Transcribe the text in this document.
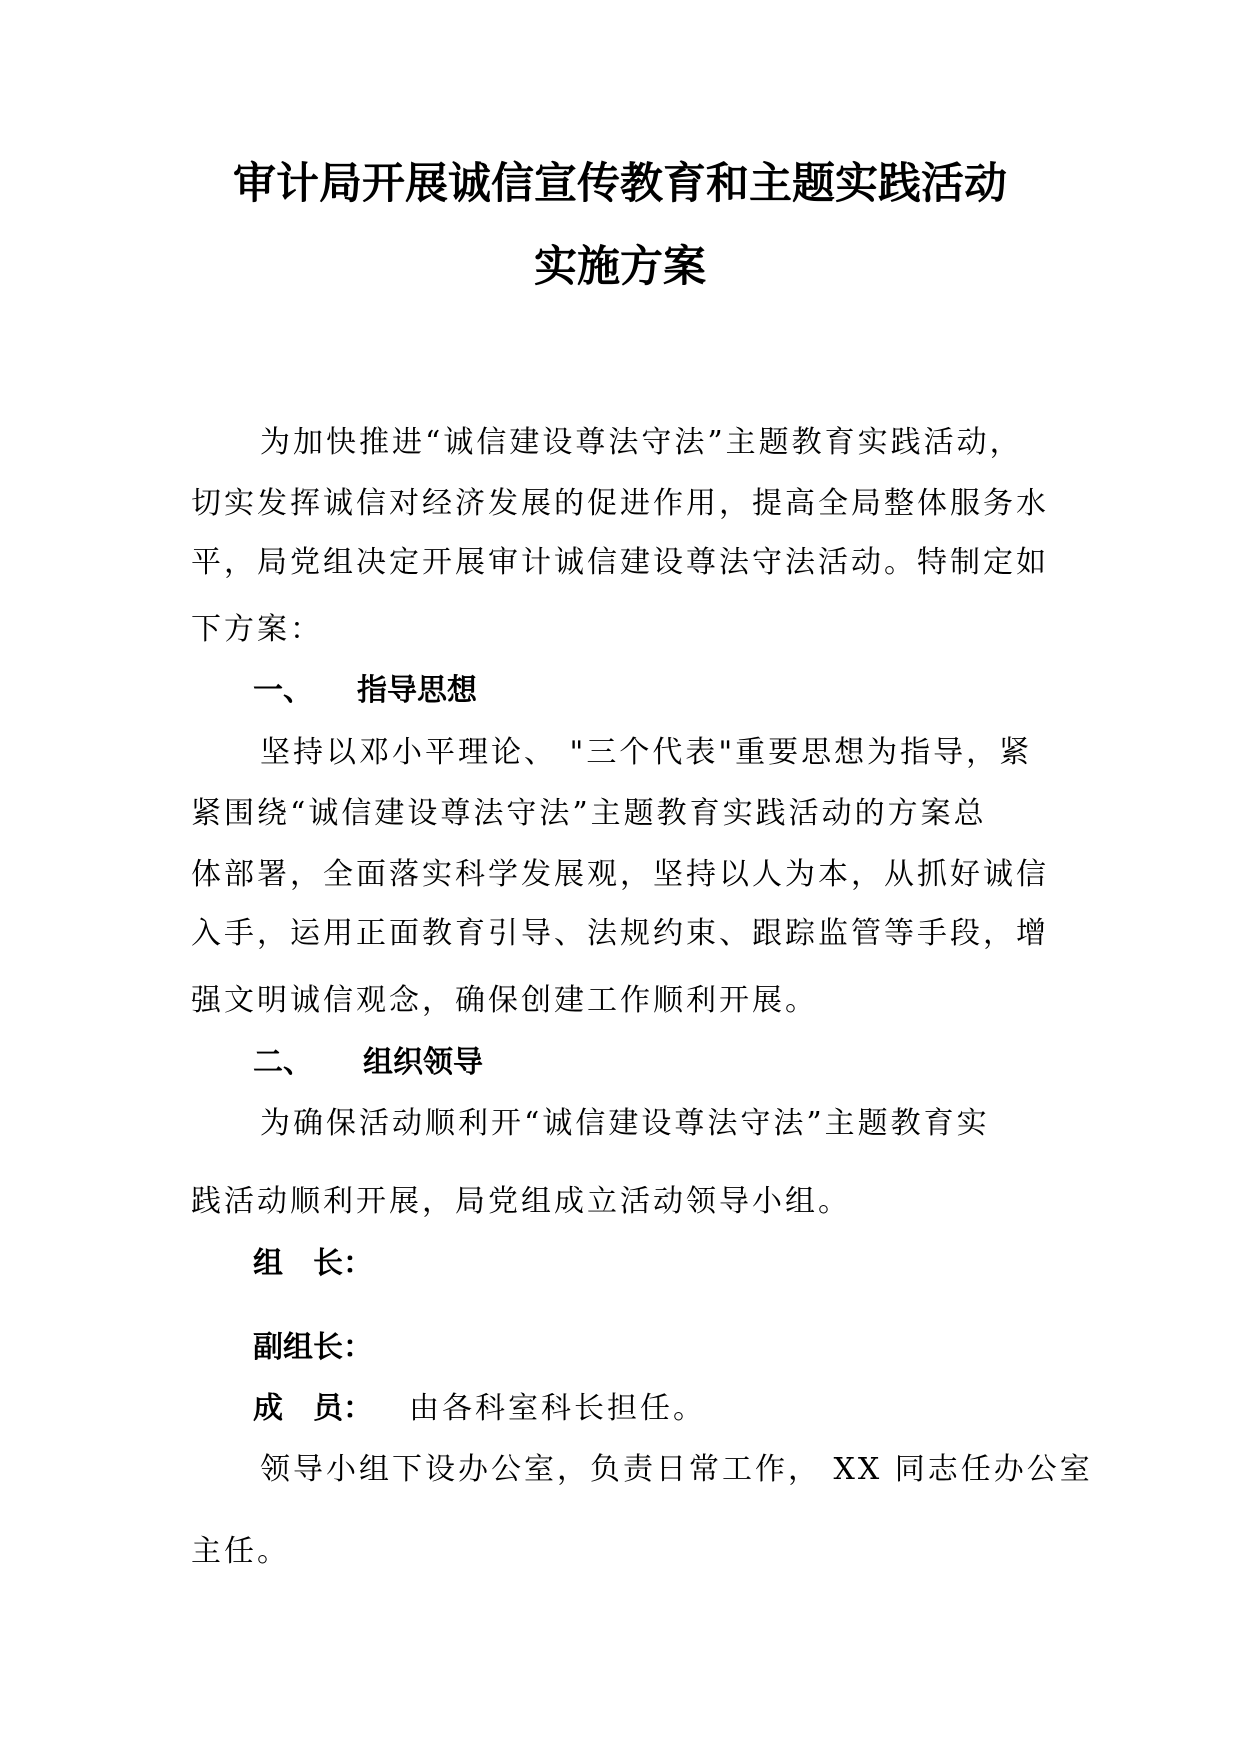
审计局开展诚信宣传教育和主题实践活动
实施方案

为加快推进“诚信建设尊法守法”主题教育实践活动，

切实发挥诚信对经济发展的促进作用，提高全局整体服务水

平，局党组决定开展审计诚信建设尊法守法活动。特制定如

下方案：

一、 指导思想

坚持以邓小平理论、 "三个代表"重要思想为指导，紧

紧围绕“诚信建设尊法守法”主题教育实践活动的方案总

体部署，全面落实科学发展观，坚持以人为本，从抓好诚信

入手，运用正面教育引导、法规约束、跟踪监管等手段，增

强文明诚信观念，确保创建工作顺利开展。

二、 组织领导

为确保活动顺利开“诚信建设尊法守法”主题教育实

践活动顺利开展，局党组成立活动领导小组。

组　长：

副组长：

成　员： 由各科室科长担任。

领导小组下设办公室，负责日常工作， XX 同志任办公室

主任。
